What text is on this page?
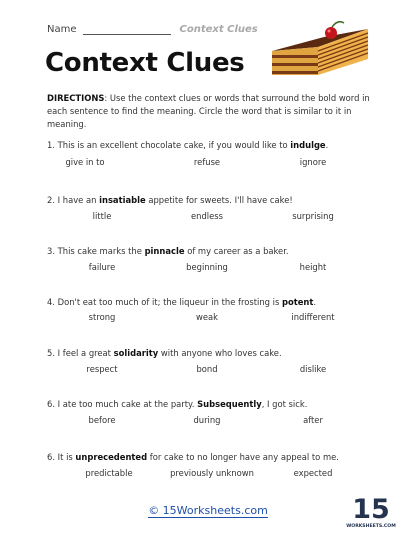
Name	Context Clues
Context Clues
DIRECTIONS: Use the context clues or words that surround the bold word in each sentence to find the meaning. Circle the word that is similar to it in meaning.
1. This is an excellent chocolate cake, if you would like to indulge.
give in to	refuse	ignore
2. I have an insatiable appetite for sweets. I'll have cake!
little	endless	surprising
3. This cake marks the pinnacle of my career as a baker.
failure	beginning	height
4. Don't eat too much of it; the liqueur in the frosting is potent.
strong	weak	indifferent
5. I feel a great solidarity with anyone who loves cake.
respect	bond	dislike
6. I ate too much cake at the party. Subsequently, I got sick.
before	during	after
6. It is unprecedented for cake to no longer have any appeal to me.
predictable	previously unknown	expected
© 15Worksheets.com	15
WORKSHEETS.COM
